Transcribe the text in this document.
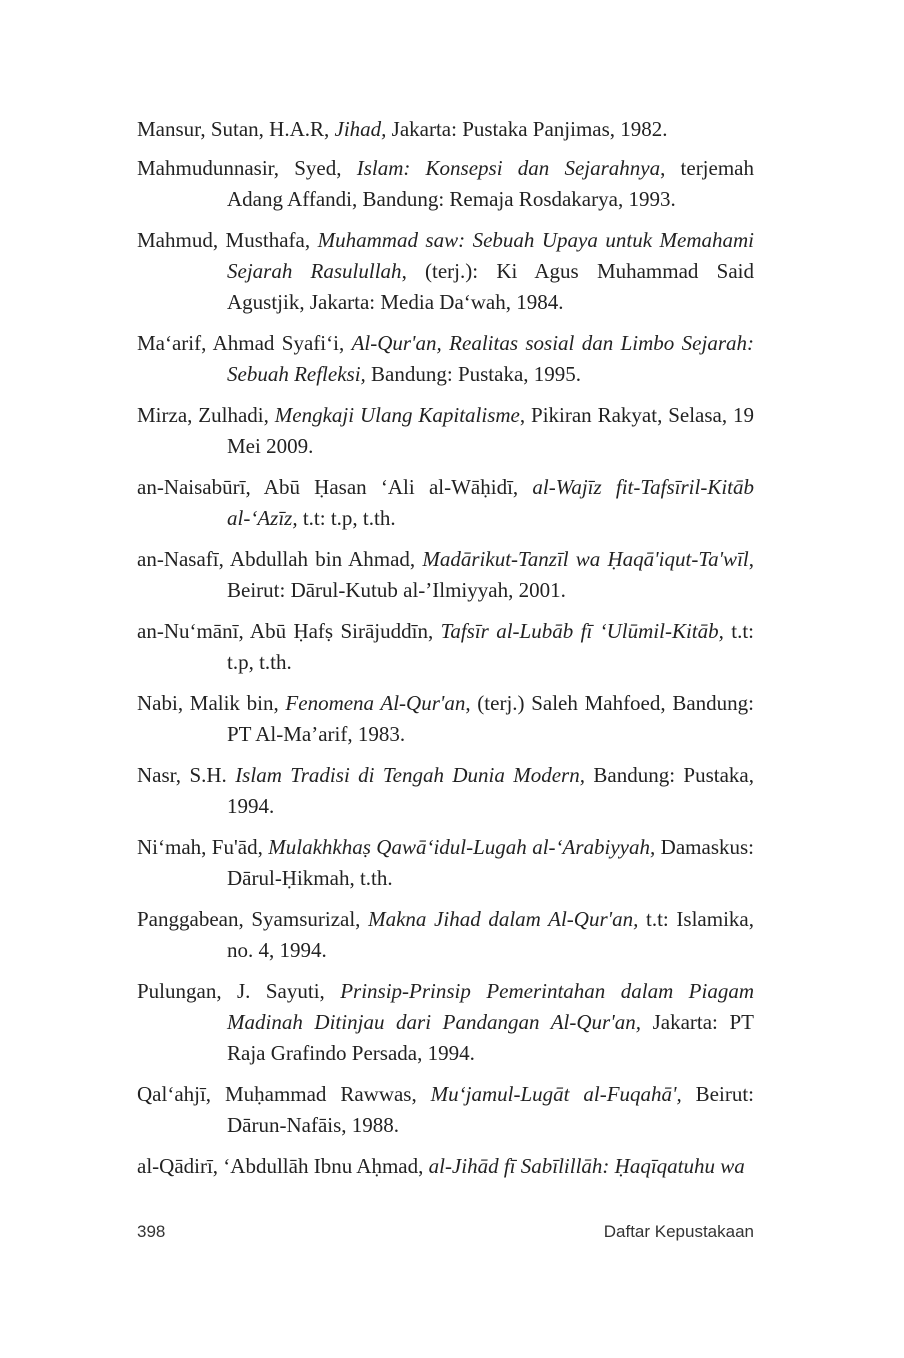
Mansur, Sutan, H.A.R, Jihad, Jakarta: Pustaka Panjimas, 1982.

Mahmudunnasir, Syed, Islam: Konsepsi dan Sejarahnya, terjemah Adang Affandi, Bandung: Remaja Rosdakarya, 1993.

Mahmud, Musthafa, Muhammad saw: Sebuah Upaya untuk Memahami Sejarah Rasulullah, (terj.): Ki Agus Muhammad Said Agustjik, Jakarta: Media Da‘wah, 1984.

Ma‘arif, Ahmad Syafi‘i, Al-Qur'an, Realitas sosial dan Limbo Sejarah: Sebuah Refleksi, Bandung: Pustaka, 1995.

Mirza, Zulhadi, Mengkaji Ulang Kapitalisme, Pikiran Rakyat, Selasa, 19 Mei 2009.

an-Naisabūrī, Abū Ḥasan ‘Ali al-Wāḥidī, al-Wajīz fit-Tafsīril-Kitāb al-‘Azīz, t.t: t.p, t.th.

an-Nasafī, Abdullah bin Ahmad, Madārikut-Tanzīl wa Ḥaqā'iqut-Ta'wīl, Beirut: Dārul-Kutub al-’Ilmiyyah, 2001.

an-Nu‘mānī, Abū Ḥafṣ Sirājuddīn, Tafsīr al-Lubāb fī ‘Ulūmil-Kitāb, t.t: t.p, t.th.

Nabi, Malik bin, Fenomena Al-Qur'an, (terj.) Saleh Mahfoed, Bandung: PT Al-Ma’arif, 1983.

Nasr, S.H. Islam Tradisi di Tengah Dunia Modern, Bandung: Pustaka, 1994.

Ni‘mah, Fu'ād, Mulakhkhaṣ Qawā‘idul-Lugah al-‘Arabiyyah, Damaskus: Dārul-Ḥikmah, t.th.

Panggabean, Syamsurizal, Makna Jihad dalam Al-Qur'an, t.t: Islamika, no. 4, 1994.

Pulungan, J. Sayuti, Prinsip-Prinsip Pemerintahan dalam Piagam Madinah Ditinjau dari Pandangan Al-Qur'an, Jakarta: PT Raja Grafindo Persada, 1994.

Qal‘ahjī, Muḥammad Rawwas, Mu‘jamul-Lugāt al-Fuqahā', Beirut: Dārun-Nafāis, 1988.

al-Qādirī, ‘Abdullāh Ibnu Aḥmad, al-Jihād fī Sabīlillāh: Ḥaqīqatuhu wa

398	Daftar Kepustakaan
